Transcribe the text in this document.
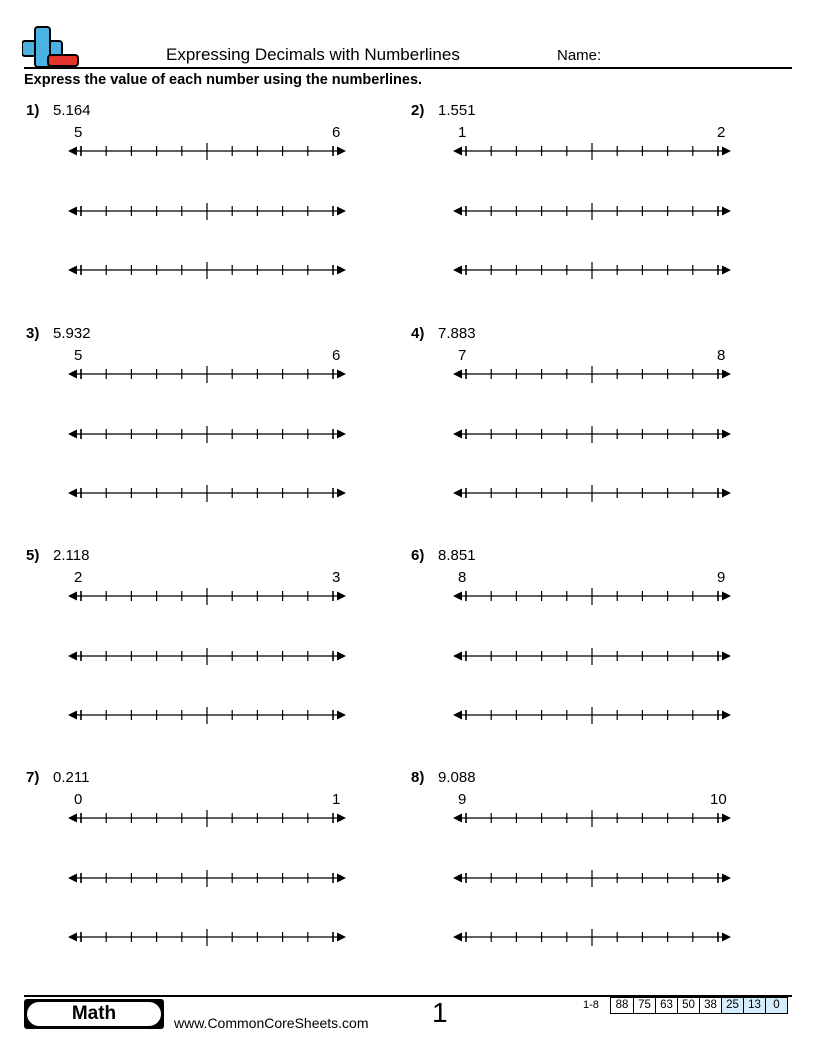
Expressing Decimals with Numberlines	Name:
Express the value of each number using the numberlines.
1) 5.164
5	6
2) 1.551
1	2
3) 5.932
5	6
4) 7.883
7	8
5) 2.118
2	3
6) 8.851
8	9
7) 0.211
0	1
8) 9.088
9	10
Math	www.CommonCoreSheets.com 1	1-8	88 75 63 50 38 25 13	0
